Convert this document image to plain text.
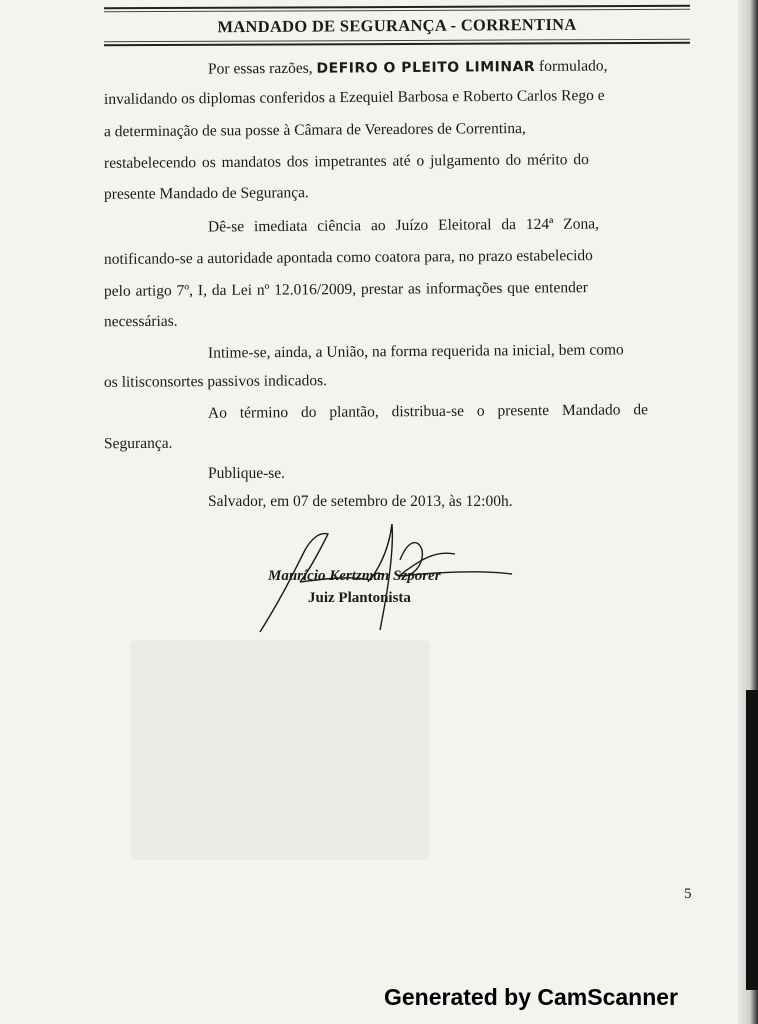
MANDADO DE SEGURANÇA - CORRENTINA
Por essas razões, DEFIRO O PLEITO LIMINAR formulado,
invalidando os diplomas conferidos a Ezequiel Barbosa e Roberto Carlos Rego e
a determinação de sua posse à Câmara de Vereadores de Correntina,
restabelecendo os mandatos dos impetrantes até o julgamento do mérito do
presente Mandado de Segurança.
Dê-se imediata ciência ao Juízo Eleitoral da 124ª Zona,
notificando-se a autoridade apontada como coatora para, no prazo estabelecido
pelo artigo 7º, I, da Lei nº 12.016/2009, prestar as informações que entender
necessárias.
Intime-se, ainda, a União, na forma requerida na inicial, bem como
os litisconsortes passivos indicados.
Ao término do plantão, distribua-se o presente Mandado de
Segurança.
Publique-se.
Salvador, em 07 de setembro de 2013, às 12:00h.
Maurício Kertzman Szporer
Juiz Plantonista
5
Generated by CamScanner
